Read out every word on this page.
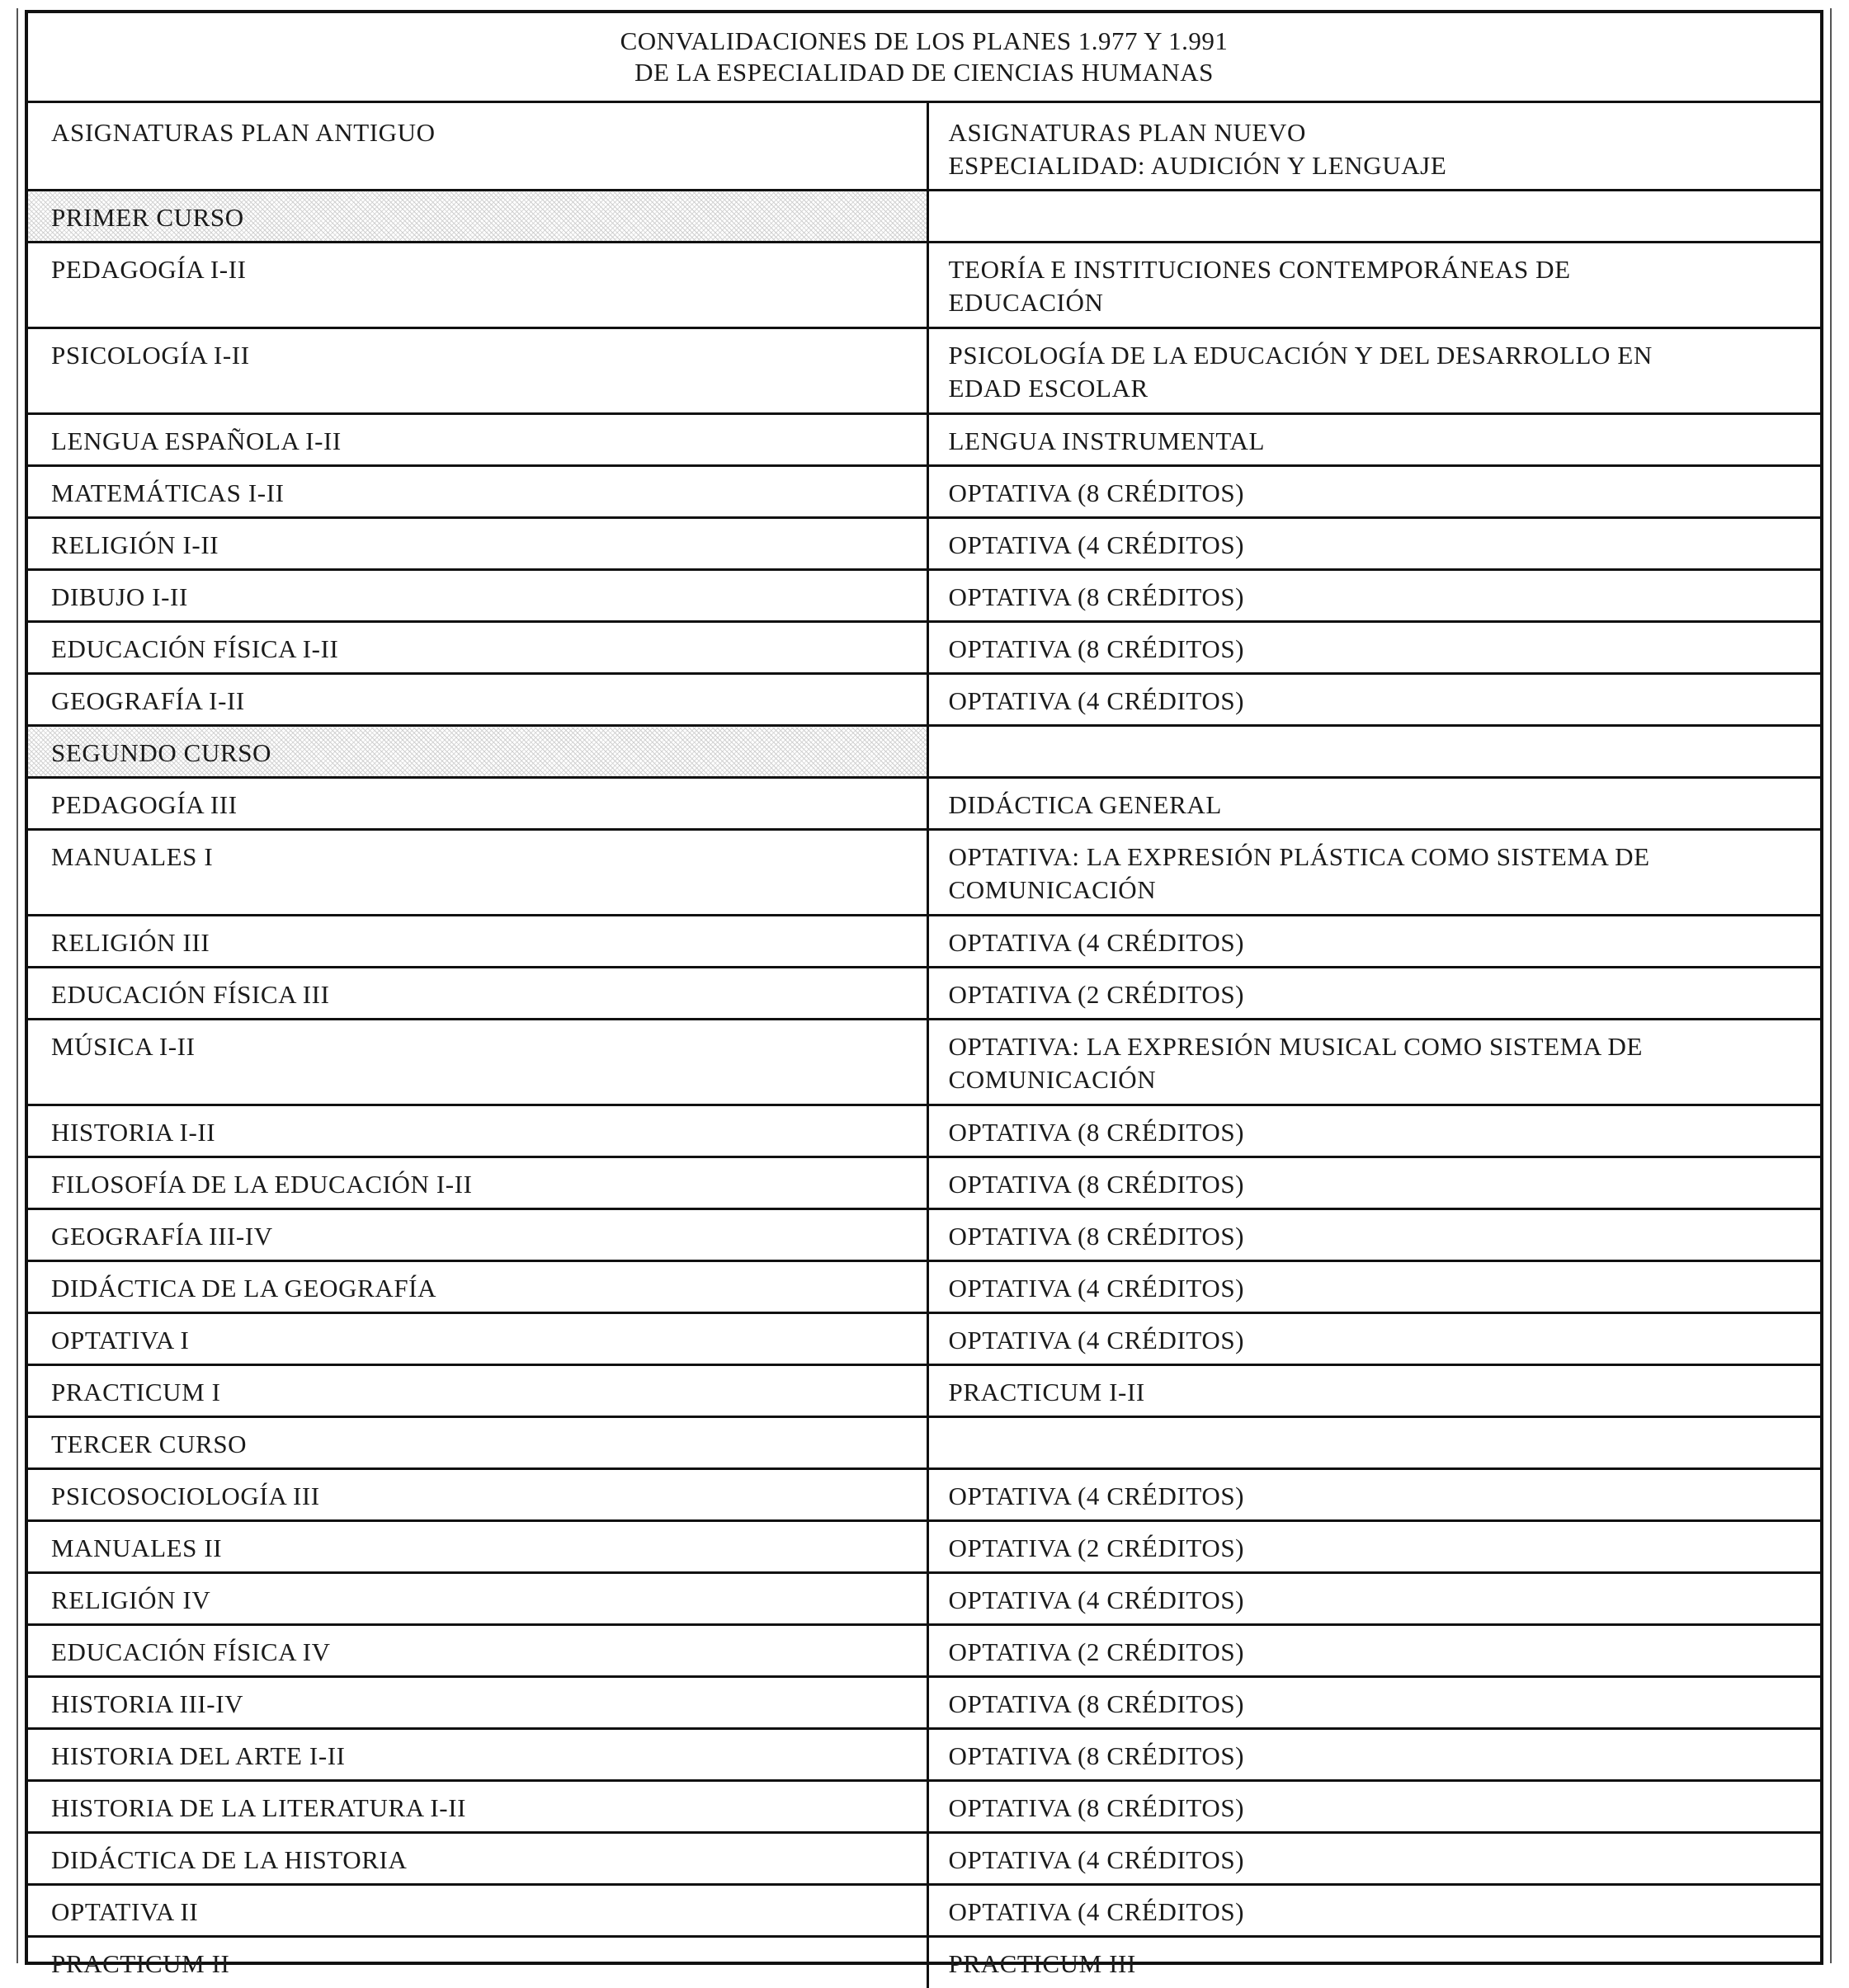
CONVALIDACIONES DE LOS PLANES 1.977 Y 1.991
DE LA ESPECIALIDAD DE CIENCIAS HUMANAS
ASIGNATURAS PLAN ANTIGUO	ASIGNATURAS PLAN NUEVO
ESPECIALIDAD: AUDICIÓN Y LENGUAJE

PRIMER CURSO	

PEDAGOGÍA I-II	TEORÍA E INSTITUCIONES CONTEMPORÁNEAS DE
EDUCACIÓN

PSICOLOGÍA I-II	PSICOLOGÍA DE LA EDUCACIÓN Y DEL DESARROLLO EN
EDAD ESCOLAR

LENGUA ESPAÑOLA I-II	LENGUA INSTRUMENTAL

MATEMÁTICAS I-II	OPTATIVA (8 CRÉDITOS)

RELIGIÓN I-II	OPTATIVA (4 CRÉDITOS)

DIBUJO I-II	OPTATIVA (8 CRÉDITOS)

EDUCACIÓN FÍSICA I-II	OPTATIVA (8 CRÉDITOS)

GEOGRAFÍA I-II	OPTATIVA (4 CRÉDITOS)

SEGUNDO CURSO	

PEDAGOGÍA III	DIDÁCTICA GENERAL

MANUALES I	OPTATIVA: LA EXPRESIÓN PLÁSTICA COMO SISTEMA DE
COMUNICACIÓN

RELIGIÓN III	OPTATIVA (4 CRÉDITOS)

EDUCACIÓN FÍSICA III	OPTATIVA (2 CRÉDITOS)

MÚSICA I-II	OPTATIVA: LA EXPRESIÓN MUSICAL COMO SISTEMA DE
COMUNICACIÓN

HISTORIA I-II	OPTATIVA (8 CRÉDITOS)

FILOSOFÍA DE LA EDUCACIÓN I-II	OPTATIVA (8 CRÉDITOS)

GEOGRAFÍA III-IV	OPTATIVA (8 CRÉDITOS)

DIDÁCTICA DE LA GEOGRAFÍA	OPTATIVA (4 CRÉDITOS)

OPTATIVA I	OPTATIVA (4 CRÉDITOS)

PRACTICUM I	PRACTICUM I-II

TERCER CURSO	

PSICOSOCIOLOGÍA III	OPTATIVA (4 CRÉDITOS)

MANUALES II	OPTATIVA (2 CRÉDITOS)

RELIGIÓN IV	OPTATIVA (4 CRÉDITOS)

EDUCACIÓN FÍSICA IV	OPTATIVA (2 CRÉDITOS)

HISTORIA III-IV	OPTATIVA (8 CRÉDITOS)

HISTORIA DEL ARTE I-II	OPTATIVA (8 CRÉDITOS)

HISTORIA DE LA LITERATURA I-II	OPTATIVA (8 CRÉDITOS)

DIDÁCTICA DE LA HISTORIA	OPTATIVA (4 CRÉDITOS)

OPTATIVA II	OPTATIVA (4 CRÉDITOS)

PRACTICUM II	PRACTICUM III
